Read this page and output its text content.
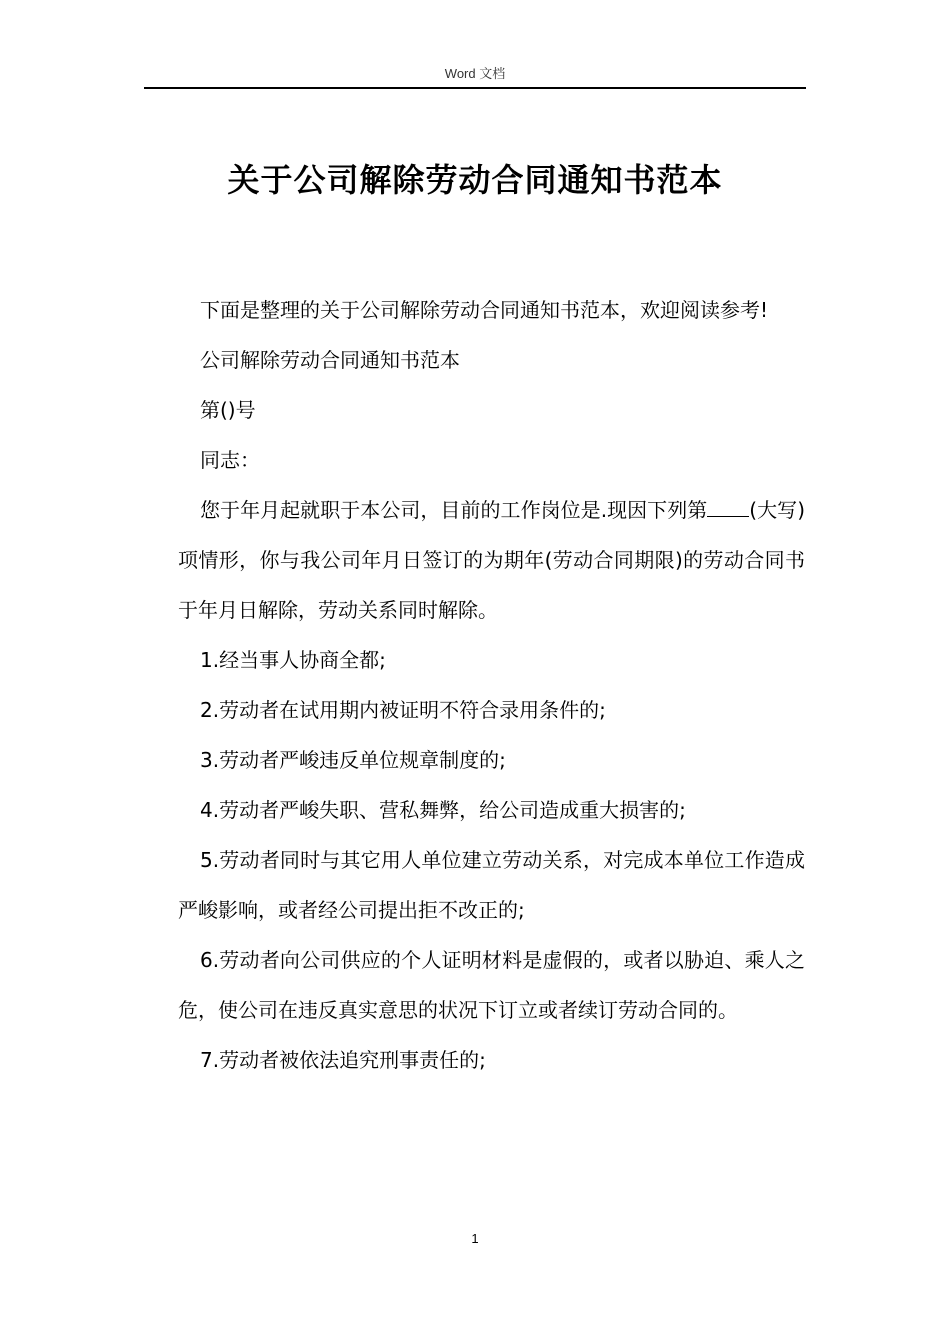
Word 文档
关于公司解除劳动合同通知书范本

下面是整理的关于公司解除劳动合同通知书范本，欢迎阅读参考!

公司解除劳动合同通知书范本

第()号

同志：

您于年月起就职于本公司，目前的工作岗位是.现因下列第 (大写)项情形，你与我公司年月日签订的为期年(劳动合同期限)的劳动合同书于年月日解除，劳动关系同时解除。

1.经当事人协商全都;

2.劳动者在试用期内被证明不符合录用条件的;

3.劳动者严峻违反单位规章制度的;

4.劳动者严峻失职、营私舞弊，给公司造成重大损害的;

5.劳动者同时与其它用人单位建立劳动关系，对完成本单位工作造成严峻影响，或者经公司提出拒不改正的;

6.劳动者向公司供应的个人证明材料是虚假的，或者以胁迫、乘人之危，使公司在违反真实意思的状况下订立或者续订劳动合同的。

7.劳动者被依法追究刑事责任的;

1
